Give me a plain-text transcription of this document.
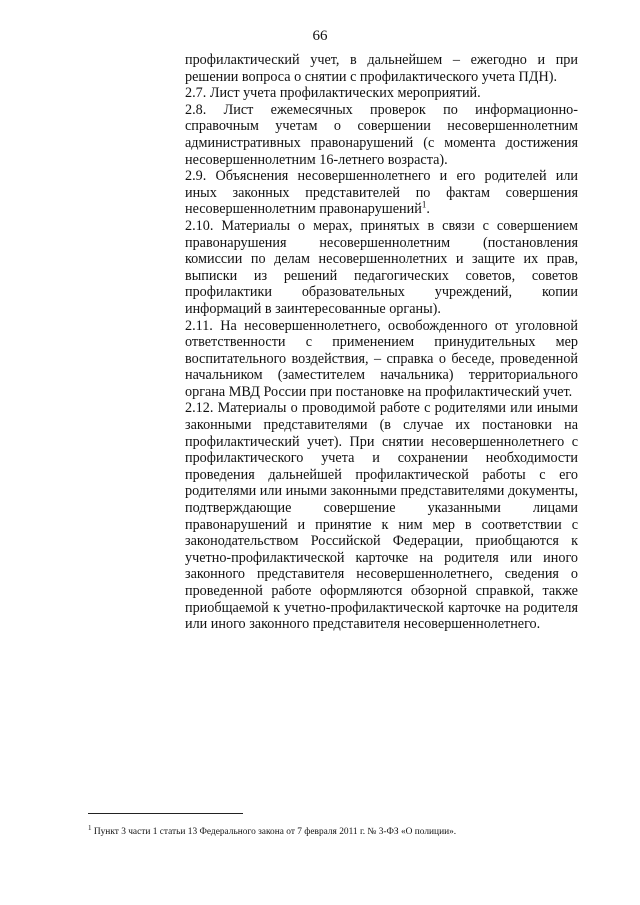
66

профилактический учет, в дальнейшем – ежегодно и при решении вопроса о снятии с профилактического учета ПДН).

2.7. Лист учета профилактических мероприятий.

2.8. Лист ежемесячных проверок по информационно-справочным учетам о совершении несовершеннолетним административных правонарушений (с момента достижения несовершеннолетним 16-летнего возраста).

2.9. Объяснения несовершеннолетнего и его родителей или иных законных представителей по фактам совершения несовершеннолетним правонарушений$^1$.

2.10. Материалы о мерах, принятых в связи с совершением правонарушения несовершеннолетним (постановления комиссии по делам несовершеннолетних и защите их прав, выписки из решений педагогических советов, советов профилактики образовательных учреждений, копии информаций в заинтересованные органы).

2.11. На несовершеннолетнего, освобожденного от уголовной ответственности с применением принудительных мер воспитательного воздействия, – справка о беседе, проведенной начальником (заместителем начальника) территориального органа МВД России при постановке на профилактический учет.

2.12. Материалы о проводимой работе с родителями или иными законными представителями (в случае их постановки на профилактический учет). При снятии несовершеннолетнего с профилактического учета и сохранении необходимости проведения дальнейшей профилактической работы с его родителями или иными законными представителями документы, подтверждающие совершение указанными лицами правонарушений и принятие к ним мер в соответствии с законодательством Российской Федерации, приобщаются к учетно-профилактической карточке на родителя или иного законного представителя несовершеннолетнего, сведения о проведенной работе оформляются обзорной справкой, также приобщаемой к учетно-профилактической карточке на родителя или иного законного представителя несовершеннолетнего.

$^1$ Пункт 3 части 1 статьи 13 Федерального закона от 7 февраля 2011 г. № 3-ФЗ «О полиции».
